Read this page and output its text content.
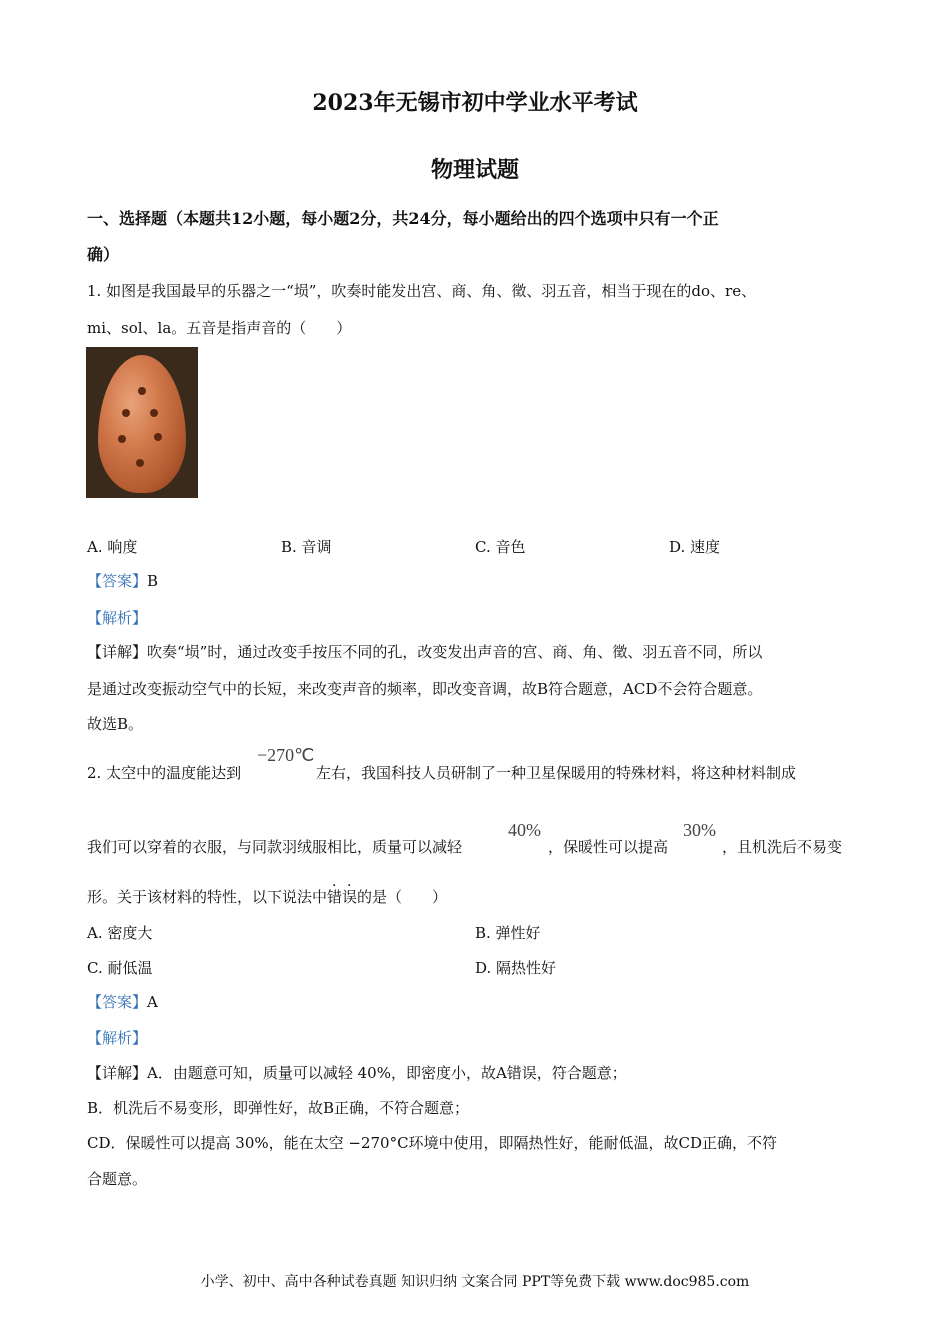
2023年无锡市初中学业水平考试
物理试题
一、选择题（本题共12小题，每小题2分，共24分，每小题给出的四个选项中只有一个正
确）
1. 如图是我国最早的乐器之一“埙”，吹奏时能发出宫、商、角、徵、羽五音，相当于现在的do、re、
mi、sol、la。五音是指声音的（　　）
A. 响度	B. 音调	C. 音色	D. 速度
【答案】B
【解析】
【详解】吹奏“埙”时，通过改变手按压不同的孔，改变发出声音的宫、商、角、徵、羽五音不同，所以
是通过改变振动空气中的长短，来改变声音的频率，即改变音调，故B符合题意，ACD不会符合题意。
故选B。
2. 太空中的温度能达到
−270℃
左右，我国科技人员研制了一种卫星保暖用的特殊材料，将这种材料制成
我们可以穿着的衣服，与同款羽绒服相比，质量可以减轻
40%
，保暖性可以提高
30%
，且机洗后不易变
形。关于该材料的特性，以下说法中错误的是（　　）
A. 密度大	B. 弹性好
C. 耐低温	D. 隔热性好
【答案】A
【解析】
【详解】A．由题意可知，质量可以减轻 40%，即密度小，故A错误，符合题意；
B．机洗后不易变形，即弹性好，故B正确，不符合题意；
CD．保暖性可以提高 30%，能在太空 −270°C环境中使用，即隔热性好，能耐低温，故CD正确，不符
合题意。
小学、初中、高中各种试卷真题 知识归纳 文案合同 PPT等免费下载 www.doc985.com
